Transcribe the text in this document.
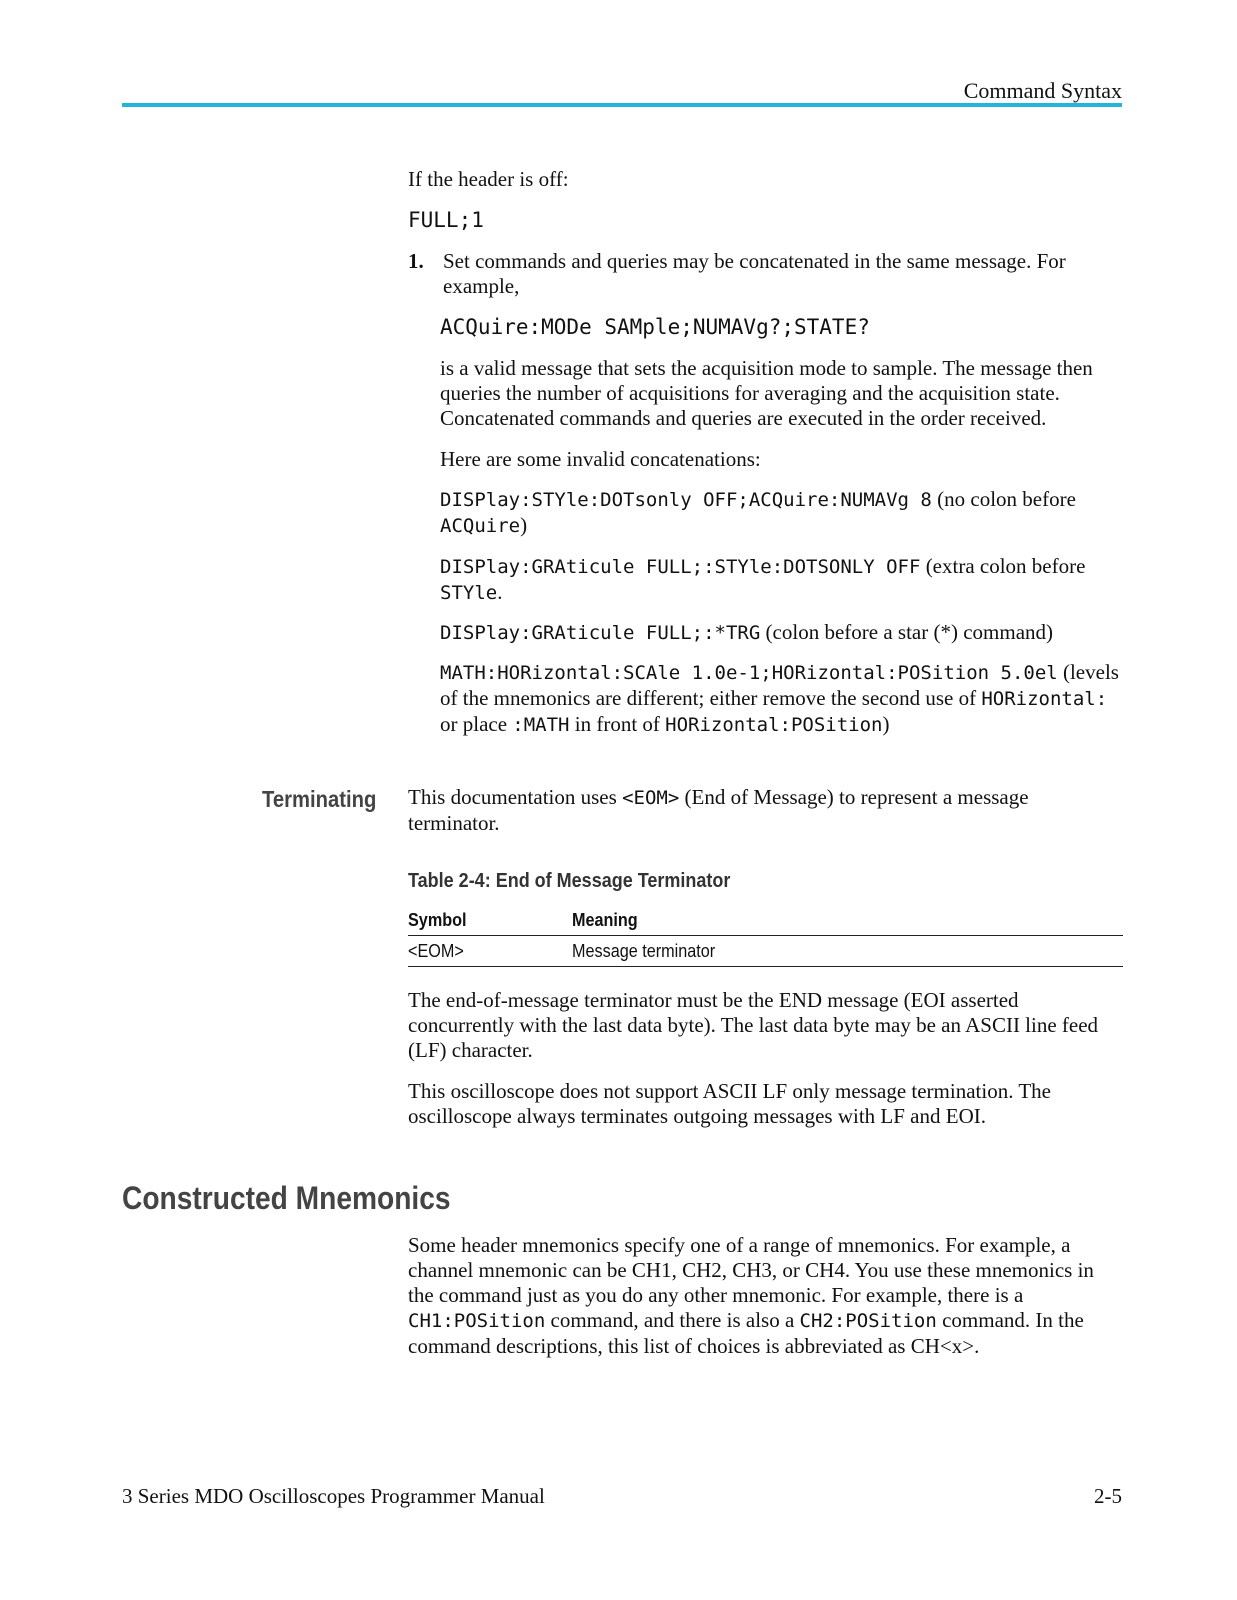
Command Syntax

If the header is off:

FULL;1

1. Set commands and queries may be concatenated in the same message. For example,

ACQuire:MODe SAMple;NUMAVg?;STATE?

is a valid message that sets the acquisition mode to sample. The message then queries the number of acquisitions for averaging and the acquisition state. Concatenated commands and queries are executed in the order received.

Here are some invalid concatenations:

DISPlay:STYle:DOTsonly OFF;ACQuire:NUMAVg 8 (no colon before ACQuire)

DISPlay:GRAticule FULL;:STYle:DOTSONLY OFF (extra colon before STYle.

DISPlay:GRAticule FULL;:*TRG (colon before a star (*) command)

MATH:HORizontal:SCAle 1.0e-1;HORizontal:POSition 5.0el (levels of the mnemonics are different; either remove the second use of HORizontal: or place :MATH in front of HORizontal:POSition)

Terminating This documentation uses <EOM> (End of Message) to represent a message terminator.

Table 2-4: End of Message Terminator
Symbol	Meaning
<EOM>	Message terminator

The end-of-message terminator must be the END message (EOI asserted concurrently with the last data byte). The last data byte may be an ASCII line feed (LF) character.

This oscilloscope does not support ASCII LF only message termination. The oscilloscope always terminates outgoing messages with LF and EOI.

Constructed Mnemonics

Some header mnemonics specify one of a range of mnemonics. For example, a channel mnemonic can be CH1, CH2, CH3, or CH4. You use these mnemonics in the command just as you do any other mnemonic. For example, there is a CH1:POSition command, and there is also a CH2:POSition command. In the command descriptions, this list of choices is abbreviated as CH<x>.

3 Series MDO Oscilloscopes Programmer Manual	2-5
